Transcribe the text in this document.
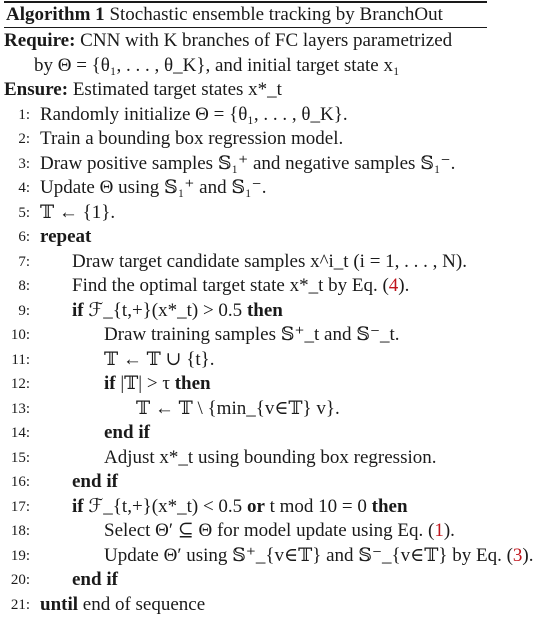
Algorithm 1 Stochastic ensemble tracking by BranchOut
Require: CNN with K branches of FC layers parametrized
by Θ = {θ₁, . . . , θ_K}, and initial target state x₁
Ensure: Estimated target states x*_t
1: Randomly initialize Θ = {θ₁, . . . , θ_K}.
2: Train a bounding box regression model.
3: Draw positive samples 𝕊₁⁺ and negative samples 𝕊₁⁻.
4: Update Θ using 𝕊₁⁺ and 𝕊₁⁻.
5: 𝕋 ← {1}.
6: repeat
7: Draw target candidate samples x^i_t (i = 1, . . . , N).
8: Find the optimal target state x*_t by Eq. (4).
9: if ℱ_{t,+}(x*_t) > 0.5 then
10:	Draw training samples 𝕊⁺_t and 𝕊⁻_t.
11:	𝕋 ← 𝕋 ∪ {t}.
12:	if |𝕋| > τ then
13:	𝕋 ← 𝕋 \ {min_{v∈𝕋} v}.
14:	end if
15:	Adjust x*_t using bounding box regression.
16: end if
17: if ℱ_{t,+}(x*_t) < 0.5 or t mod 10 = 0 then
18:	Select Θ′ ⊆ Θ for model update using Eq. (1).
19:	Update Θ′ using 𝕊⁺_{v∈𝕋} and 𝕊⁻_{v∈𝕋} by Eq. (3).
20: end if
21: until end of sequence
